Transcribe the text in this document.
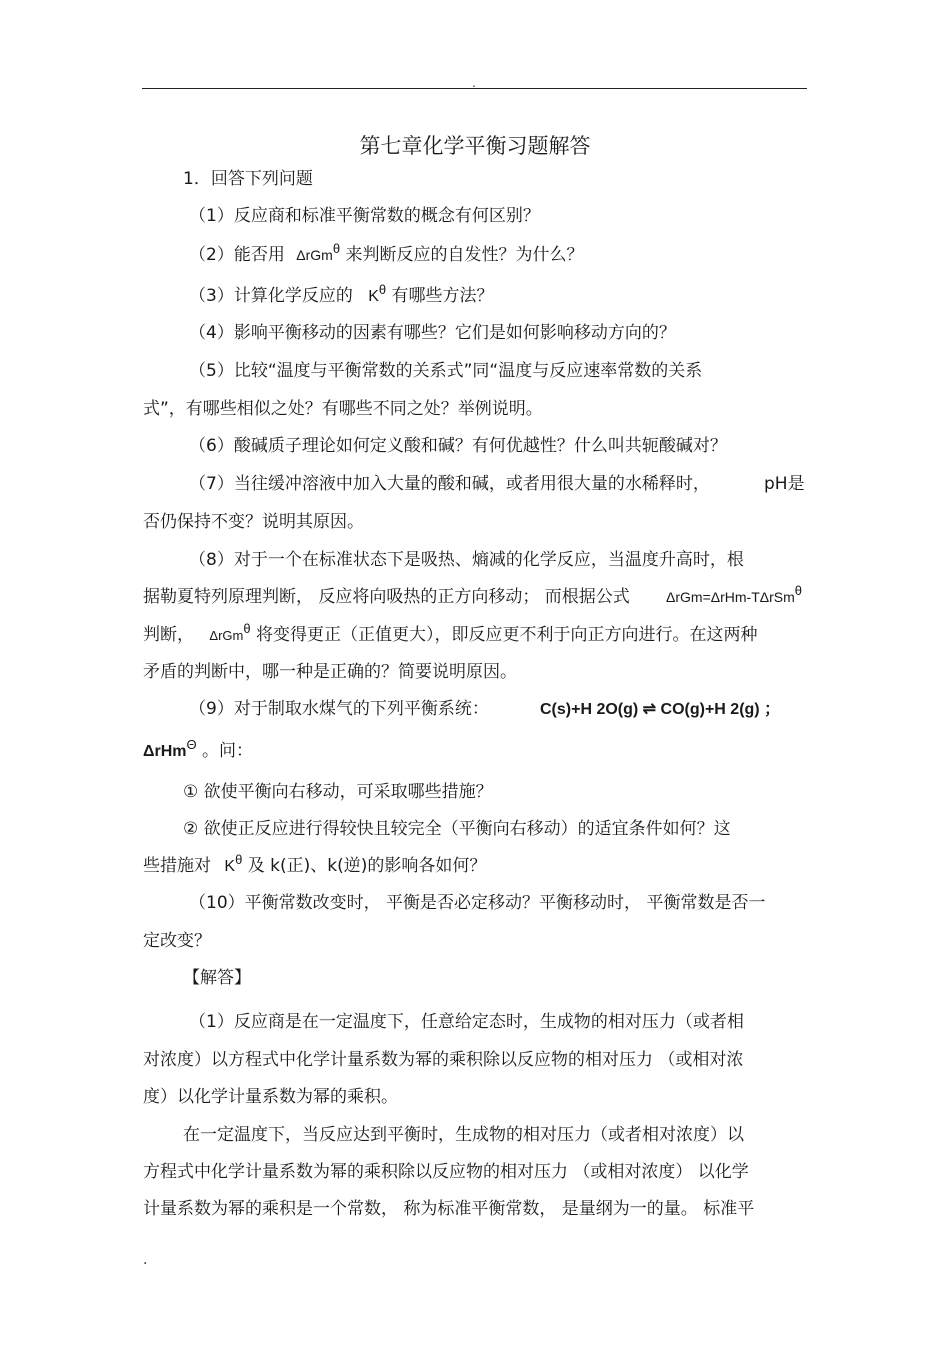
.
第七章化学平衡习题解答
1．回答下列问题
（1）反应商和标准平衡常数的概念有何区别？
（2）能否用 ΔrGmθ 来判断反应的自发性？为什么？
（3）计算化学反应的 $K^\theta$ 有哪些方法？
（4）影响平衡移动的因素有哪些？它们是如何影响移动方向的？
（5）比较“温度与平衡常数的关系式”同“温度与反应速率常数的关系
式”，有哪些相似之处？有哪些不同之处？举例说明。
（6）酸碱质子理论如何定义酸和碱？有何优越性？什么叫共轭酸碱对？
（7）当往缓冲溶液中加入大量的酸和碱，或者用很大量的水稀释时，	pH是
否仍保持不变？说明其原因。
（8）对于一个在标准状态下是吸热、熵减的化学反应，当温度升高时，根
据勒夏特列原理判断， 反应将向吸热的正方向移动； 而根据公式	ΔrGm=ΔrHm-TΔrSmθ
判断， ΔrGmθ 将变得更正（正值更大），即反应更不利于向正方向进行。在这两种
矛盾的判断中，哪一种是正确的？简要说明原因。
（9）对于制取水煤气的下列平衡系统：	C(s)+H 2O(g) ⇌ CO(g)+H 2(g) ；
ΔrHm$^\Theta$ 。问：
① 欲使平衡向右移动，可采取哪些措施？
② 欲使正反应进行得较快且较完全（平衡向右移动）的适宜条件如何？这
些措施对 $K^\theta$ 及 k(正)、k(逆)的影响各如何？
（10）平衡常数改变时， 平衡是否必定移动？平衡移动时， 平衡常数是否一
定改变？
【解答】
（1）反应商是在一定温度下，任意给定态时，生成物的相对压力（或者相
对浓度）以方程式中化学计量系数为幂的乘积除以反应物的相对压力 （或相对浓
度）以化学计量系数为幂的乘积。
在一定温度下，当反应达到平衡时，生成物的相对压力（或者相对浓度）以
方程式中化学计量系数为幂的乘积除以反应物的相对压力 （或相对浓度） 以化学
计量系数为幂的乘积是一个常数， 称为标准平衡常数， 是量纲为一的量。 标准平
.
